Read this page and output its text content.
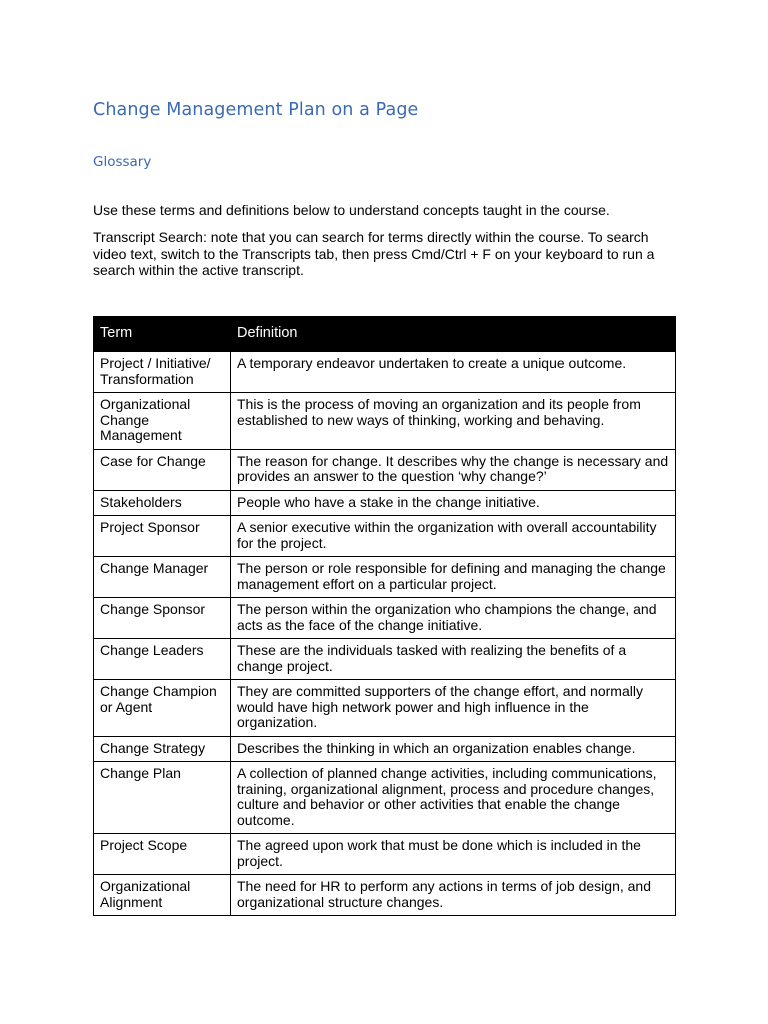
Change Management Plan on a Page
Glossary

Use these terms and definitions below to understand concepts taught in the course.

Transcript Search: note that you can search for terms directly within the course. To search video text, switch to the Transcripts tab, then press Cmd/Ctrl + F on your keyboard to run a search within the active transcript.

Term	Definition
Project / Initiative/ Transformation	A temporary endeavor undertaken to create a unique outcome.
Organizational Change Management	This is the process of moving an organization and its people from established to new ways of thinking, working and behaving.
Case for Change	The reason for change. It describes why the change is necessary and provides an answer to the question ‘why change?’
Stakeholders	People who have a stake in the change initiative.
Project Sponsor	A senior executive within the organization with overall accountability for the project.
Change Manager	The person or role responsible for defining and managing the change management effort on a particular project.
Change Sponsor	The person within the organization who champions the change, and acts as the face of the change initiative.
Change Leaders	These are the individuals tasked with realizing the benefits of a change project.
Change Champion or Agent	They are committed supporters of the change effort, and normally would have high network power and high influence in the organization.
Change Strategy	Describes the thinking in which an organization enables change.
Change Plan	A collection of planned change activities, including communications, training, organizational alignment, process and procedure changes, culture and behavior or other activities that enable the change outcome.
Project Scope	The agreed upon work that must be done which is included in the project.
Organizational Alignment	The need for HR to perform any actions in terms of job design, and organizational structure changes.
